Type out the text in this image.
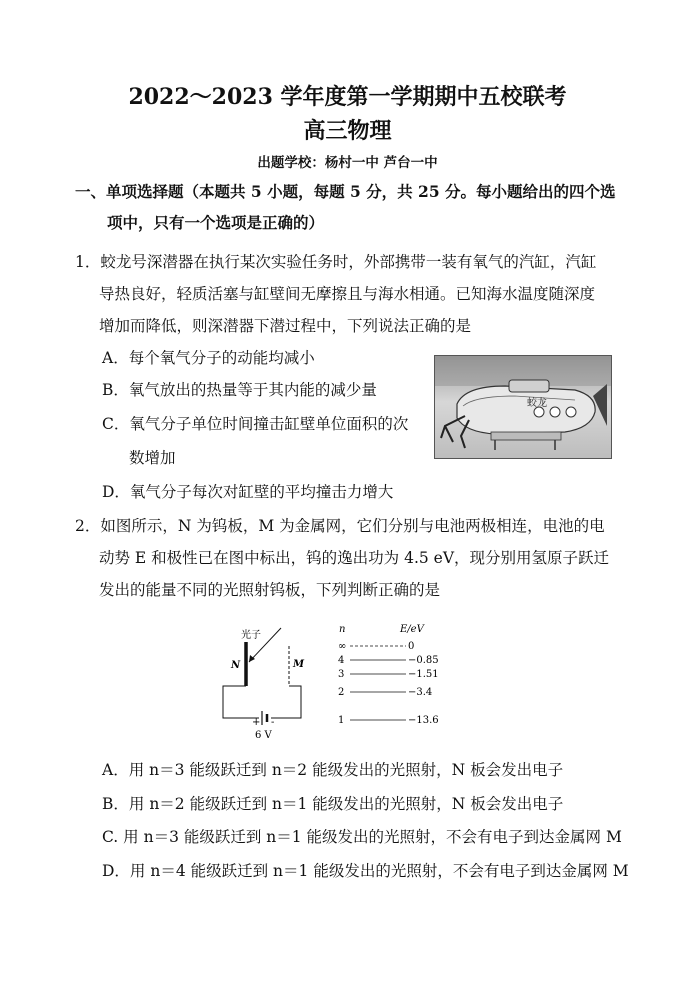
2022～2023 学年度第一学期期中五校联考
高三物理
出题学校：杨村一中 芦台一中
一、单项选择题（本题共 5 小题，每题 5 分，共 25 分。每小题给出的四个选
项中，只有一个选项是正确的）
1．蛟龙号深潜器在执行某次实验任务时，外部携带一装有氧气的汽缸，汽缸
导热良好，轻质活塞与缸壁间无摩擦且与海水相通。已知海水温度随深度
增加而降低，则深潜器下潜过程中，下列说法正确的是
A．每个氧气分子的动能均减小
B．氧气放出的热量等于其内能的减少量
C．氧气分子单位时间撞击缸壁单位面积的次
数增加
D．氧气分子每次对缸壁的平均撞击力增大
蛟龙
2．如图所示，N 为钨板，M 为金属网，它们分别与电池两极相连，电池的电
动势 E 和极性已在图中标出，钨的逸出功为 4.5 eV，现分别用氢原子跃迁
发出的能量不同的光照射钨板，下列判断正确的是
光子
N	M
+ -
6 V
n	E/eV
∞	0
4	−0.85
3	−1.51
2	−3.4
1	−13.6
A．用 n＝3 能级跃迁到 n＝2 能级发出的光照射，N 板会发出电子
B．用 n＝2 能级跃迁到 n＝1 能级发出的光照射，N 板会发出电子
C. 用 n＝3 能级跃迁到 n＝1 能级发出的光照射，不会有电子到达金属网 M
D．用 n＝4 能级跃迁到 n＝1 能级发出的光照射，不会有电子到达金属网 M
